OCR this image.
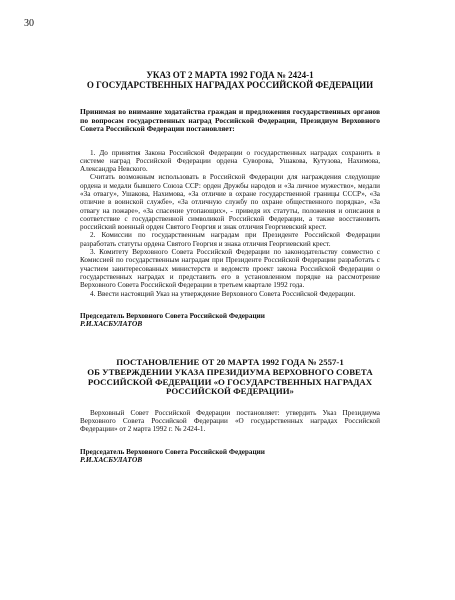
30
УКАЗ ОТ 2 МАРТА 1992 ГОДА № 2424-1
О ГОСУДАРСТВЕННЫХ НАГРАДАХ РОССИЙСКОЙ ФЕДЕРАЦИИ

Принимая во внимание ходатайства граждан и предложения государственных органов по вопросам государственных наград Российской Федерации, Президиум Верховного Совета Российской Федерации постановляет:

1. До принятия Закона Российской Федерации о государственных наградах сохранить в системе наград Российской Федерации ордена Суворова, Ушакова, Кутузова, Нахимова, Александра Невского.

Считать возможным использовать в Российской Федерации для награждения следующие ордена и медали бывшего Союза ССР: орден Дружбы народов и «За личное мужество», медали «За отвагу», Ушакова, Нахимова, «За отличие в охране государственной границы СССР», «За отличие в воинской службе», «За отличную службу по охране общественного порядка», «За отвагу на пожаре», «За спасение утопающих», - приведя их статуты, положения и описания в соответствие с государственной символикой Российской Федерации, а также восстановить российский военный орден Святого Георгия и знак отличия Георгиевский крест.

2. Комиссии по государственным наградам при Президенте Российской Федерации разработать статуты ордена Святого Георгия и знака отличия Георгиевский крест.

3. Комитету Верховного Совета Российской Федерации по законодательству совместно с Комиссией по государственным наградам при Президенте Российской Федерации разработать с участием заинтересованных министерств и ведомств проект закона Российской Федерации о государственных наградах и представить его в установленном порядке на рассмотрение Верховного Совета Российской Федерации в третьем квартале 1992 года.

4. Ввести настоящий Указ на утверждение Верховного Совета Российской Федерации.

Председатель Верховного Совета Российской Федерации
Р.И.ХАСБУЛАТОВ
ПОСТАНОВЛЕНИЕ ОТ 20 МАРТА 1992 ГОДА № 2557-1
ОБ УТВЕРЖДЕНИИ УКАЗА ПРЕЗИДИУМА ВЕРХОВНОГО СОВЕТА РОССИЙСКОЙ ФЕДЕРАЦИИ «О ГОСУДАРСТВЕННЫХ НАГРАДАХ РОССИЙСКОЙ ФЕДЕРАЦИИ»

Верховный Совет Российской Федерации постановляет: утвердить Указ Президиума Верховного Совета Российской Федерации «О государственных наградах Российской Федерации» от 2 марта 1992 г. № 2424-1.

Председатель Верховного Совета Российской Федерации
Р.И.ХАСБУЛАТОВ
